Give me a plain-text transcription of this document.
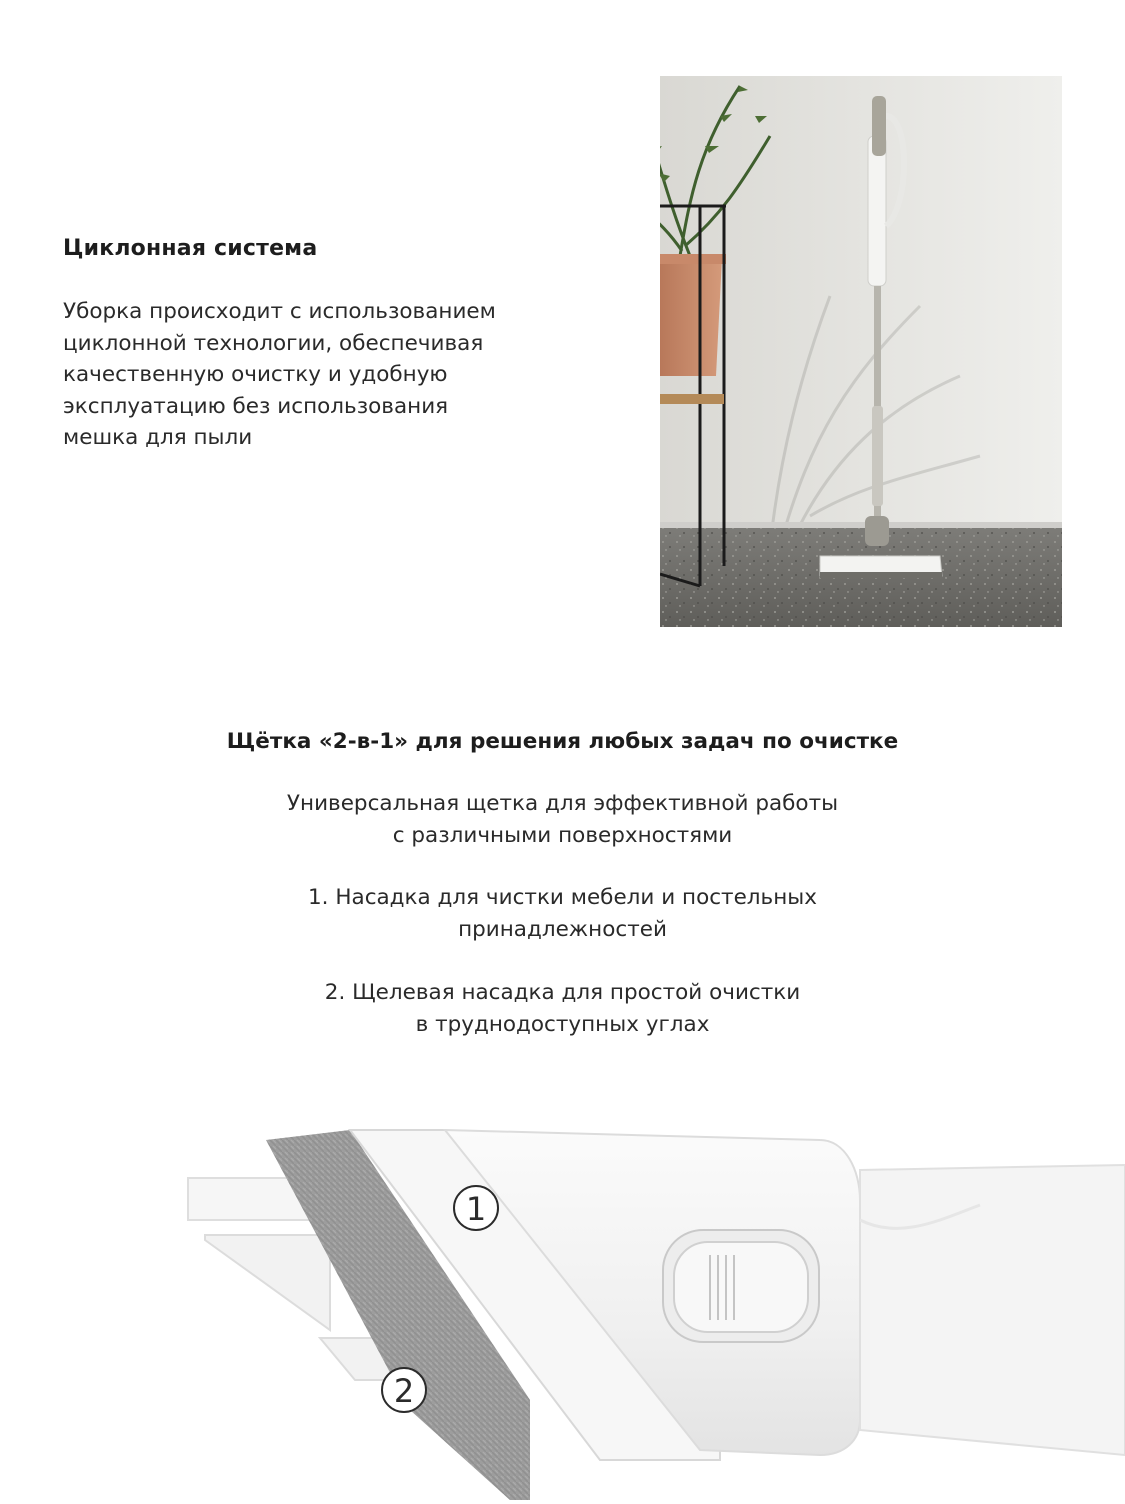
Циклонная система
Уборка происходит с использованием
циклонной технологии, обеспечивая
качественную очистку и удобную
эксплуатацию без использования
мешка для пыли
Щётка «2-в-1» для решения любых задач по очистке
Универсальная щетка для эффективной работы
с различными поверхностями
1. Насадка для чистки мебели и постельных
принадлежностей
2. Щелевая насадка для простой очистки
в труднодоступных углах
1
2
